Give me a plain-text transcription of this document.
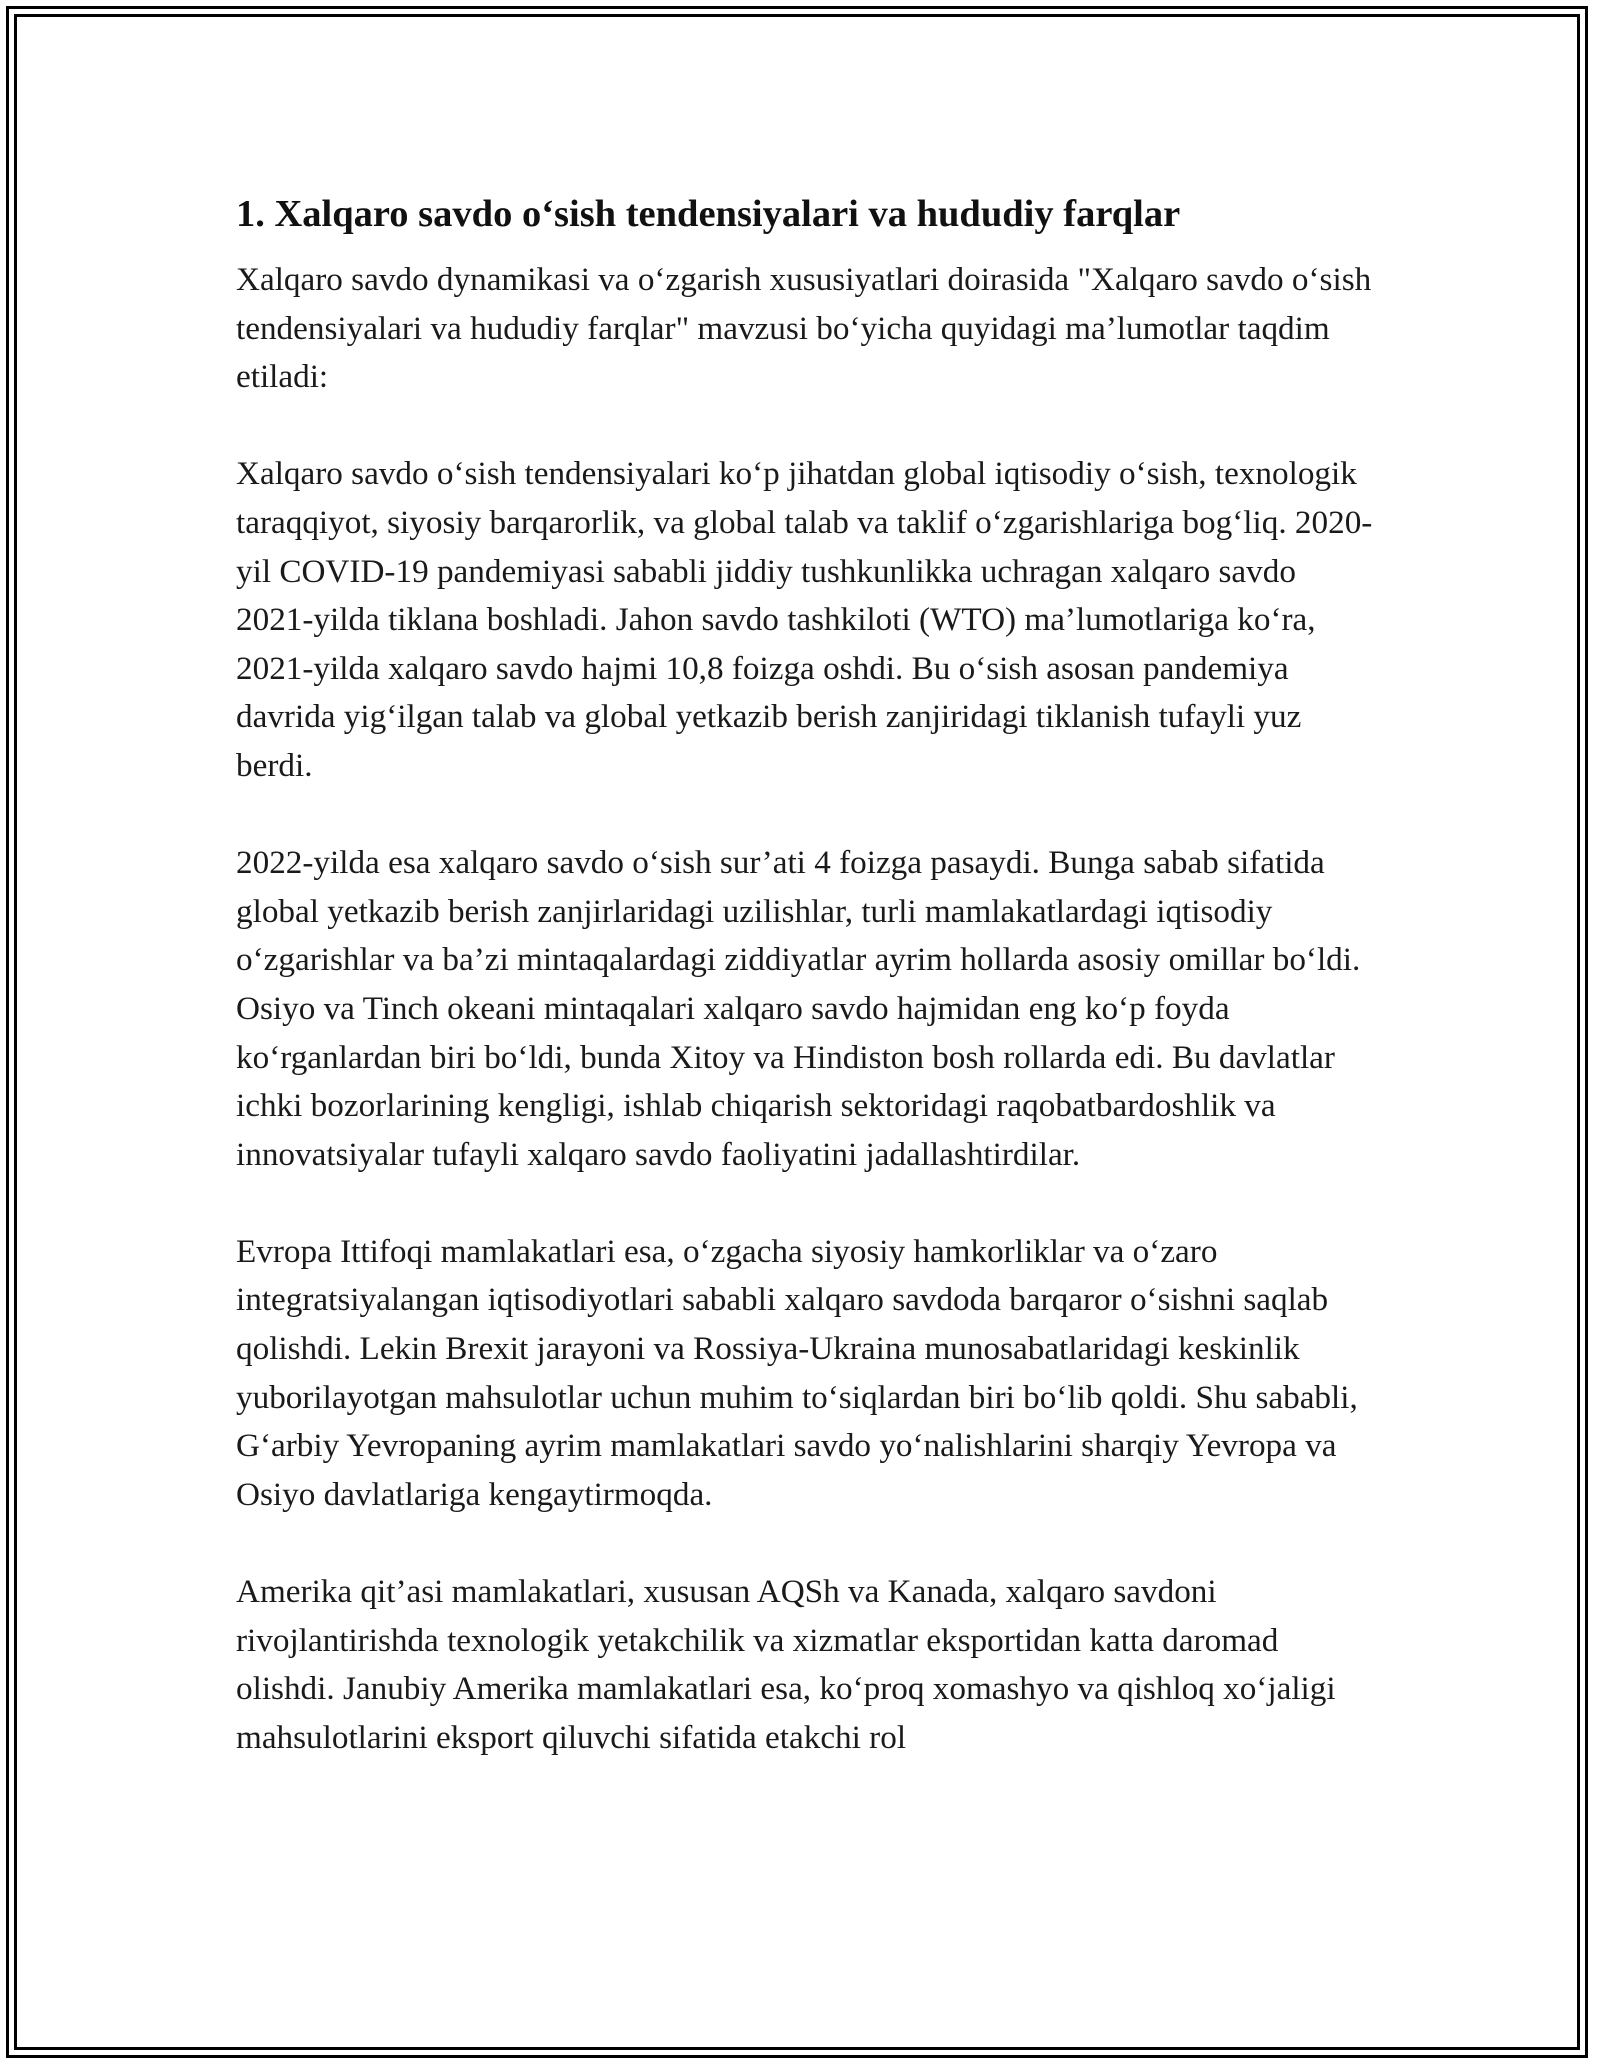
1. Xalqaro savdo o‘sish tendensiyalari va hududiy farqlar

Xalqaro savdo dynamikasi va o‘zgarish xususiyatlari doirasida "Xalqaro savdo o‘sish tendensiyalari va hududiy farqlar" mavzusi bo‘yicha quyidagi ma’lumotlar taqdim etiladi:

Xalqaro savdo o‘sish tendensiyalari ko‘p jihatdan global iqtisodiy o‘sish, texnologik taraqqiyot, siyosiy barqarorlik, va global talab va taklif o‘zgarishlariga bog‘liq. 2020-yil COVID-19 pandemiyasi sababli jiddiy tushkunlikka uchragan xalqaro savdo 2021-yilda tiklana boshladi. Jahon savdo tashkiloti (WTO) ma’lumotlariga ko‘ra, 2021-yilda xalqaro savdo hajmi 10,8 foizga oshdi. Bu o‘sish asosan pandemiya davrida yig‘ilgan talab va global yetkazib berish zanjiridagi tiklanish tufayli yuz berdi.

2022-yilda esa xalqaro savdo o‘sish sur’ati 4 foizga pasaydi. Bunga sabab sifatida global yetkazib berish zanjirlaridagi uzilishlar, turli mamlakatlardagi iqtisodiy o‘zgarishlar va ba’zi mintaqalardagi ziddiyatlar ayrim hollarda asosiy omillar bo‘ldi. Osiyo va Tinch okeani mintaqalari xalqaro savdo hajmidan eng ko‘p foyda ko‘rganlardan biri bo‘ldi, bunda Xitoy va Hindiston bosh rollarda edi. Bu davlatlar ichki bozorlarining kengligi, ishlab chiqarish sektoridagi raqobatbardoshlik va innovatsiyalar tufayli xalqaro savdo faoliyatini jadallashtirdilar.

Evropa Ittifoqi mamlakatlari esa, o‘zgacha siyosiy hamkorliklar va o‘zaro integratsiyalangan iqtisodiyotlari sababli xalqaro savdoda barqaror o‘sishni saqlab qolishdi. Lekin Brexit jarayoni va Rossiya-Ukraina munosabatlaridagi keskinlik yuborilayotgan mahsulotlar uchun muhim to‘siqlardan biri bo‘lib qoldi. Shu sababli, G‘arbiy Yevropaning ayrim mamlakatlari savdo yo‘nalishlarini sharqiy Yevropa va Osiyo davlatlariga kengaytirmoqda.

Amerika qit’asi mamlakatlari, xususan AQSh va Kanada, xalqaro savdoni rivojlantirishda texnologik yetakchilik va xizmatlar eksportidan katta daromad olishdi. Janubiy Amerika mamlakatlari esa, ko‘proq xomashyo va qishloq xo‘jaligi mahsulotlarini eksport qiluvchi sifatida etakchi rol
